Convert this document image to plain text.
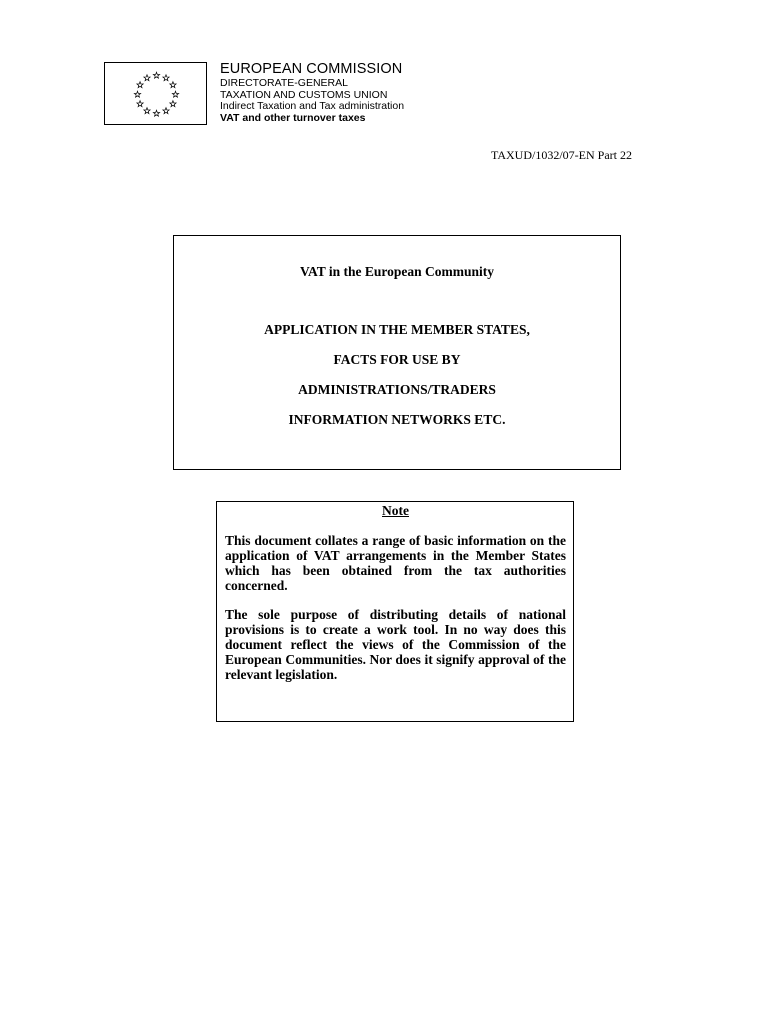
EUROPEAN COMMISSION
DIRECTORATE-GENERAL
TAXATION AND CUSTOMS UNION
Indirect Taxation and Tax administration
VAT and other turnover taxes
TAXUD/1032/07-EN Part 22
VAT in the European Community
APPLICATION IN THE MEMBER STATES,
FACTS FOR USE BY
ADMINISTRATIONS/TRADERS
INFORMATION NETWORKS ETC.
Note

This document collates a range of basic information on the application of VAT arrangements in the Member States which has been obtained from the tax authorities concerned.

The sole purpose of distributing details of national provisions is to create a work tool. In no way does this document reflect the views of the Commission of the European Communities. Nor does it signify approval of the relevant legislation.
